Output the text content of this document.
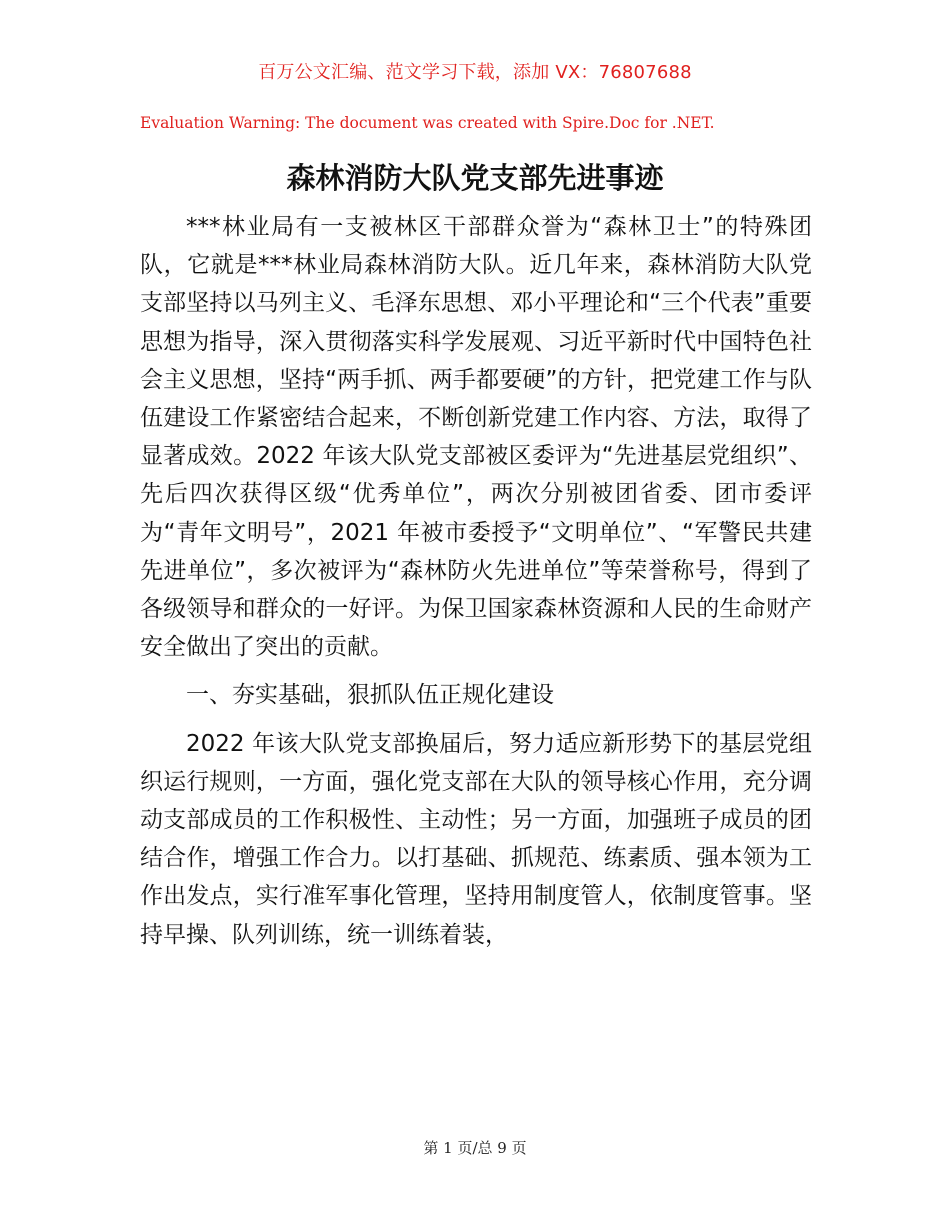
百万公文汇编、范文学习下载，添加 VX：76807688
Evaluation Warning: The document was created with Spire.Doc for .NET.
森林消防大队党支部先进事迹

***林业局有一支被林区干部群众誉为“森林卫士”的特殊团队，它就是***林业局森林消防大队。近几年来，森林消防大队党支部坚持以马列主义、毛泽东思想、邓小平理论和“三个代表”重要思想为指导，深入贯彻落实科学发展观、习近平新时代中国特色社会主义思想，坚持“两手抓、两手都要硬”的方针，把党建工作与队伍建设工作紧密结合起来，不断创新党建工作内容、方法，取得了显著成效。2022 年该大队党支部被区委评为“先进基层党组织”、先后四次获得区级“优秀单位”，两次分别被团省委、团市委评为“青年文明号”，2021 年被市委授予“文明单位”、“军警民共建先进单位”，多次被评为“森林防火先进单位”等荣誉称号，得到了各级领导和群众的一好评。为保卫国家森林资源和人民的生命财产安全做出了突出的贡献。

一、夯实基础，狠抓队伍正规化建设

2022 年该大队党支部换届后，努力适应新形势下的基层党组织运行规则，一方面，强化党支部在大队的领导核心作用，充分调动支部成员的工作积极性、主动性；另一方面，加强班子成员的团结合作，增强工作合力。以打基础、抓规范、练素质、强本领为工作出发点，实行准军事化管理，坚持用制度管人，依制度管事。坚持早操、队列训练，统一训练着装，

第 1 页/总 9 页
